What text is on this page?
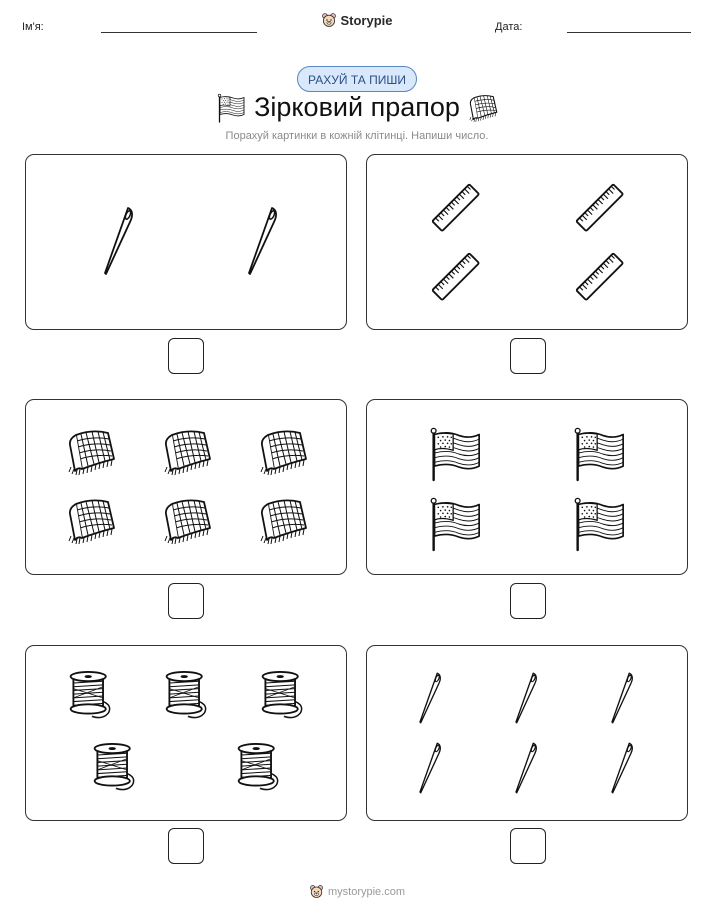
Ім'я:	Storypie	Дата:
РАХУЙ ТА ПИШИ
Зірковий прапор
Порахуй картинки в кожній клітинці. Напиши число.
mystorypie.com
